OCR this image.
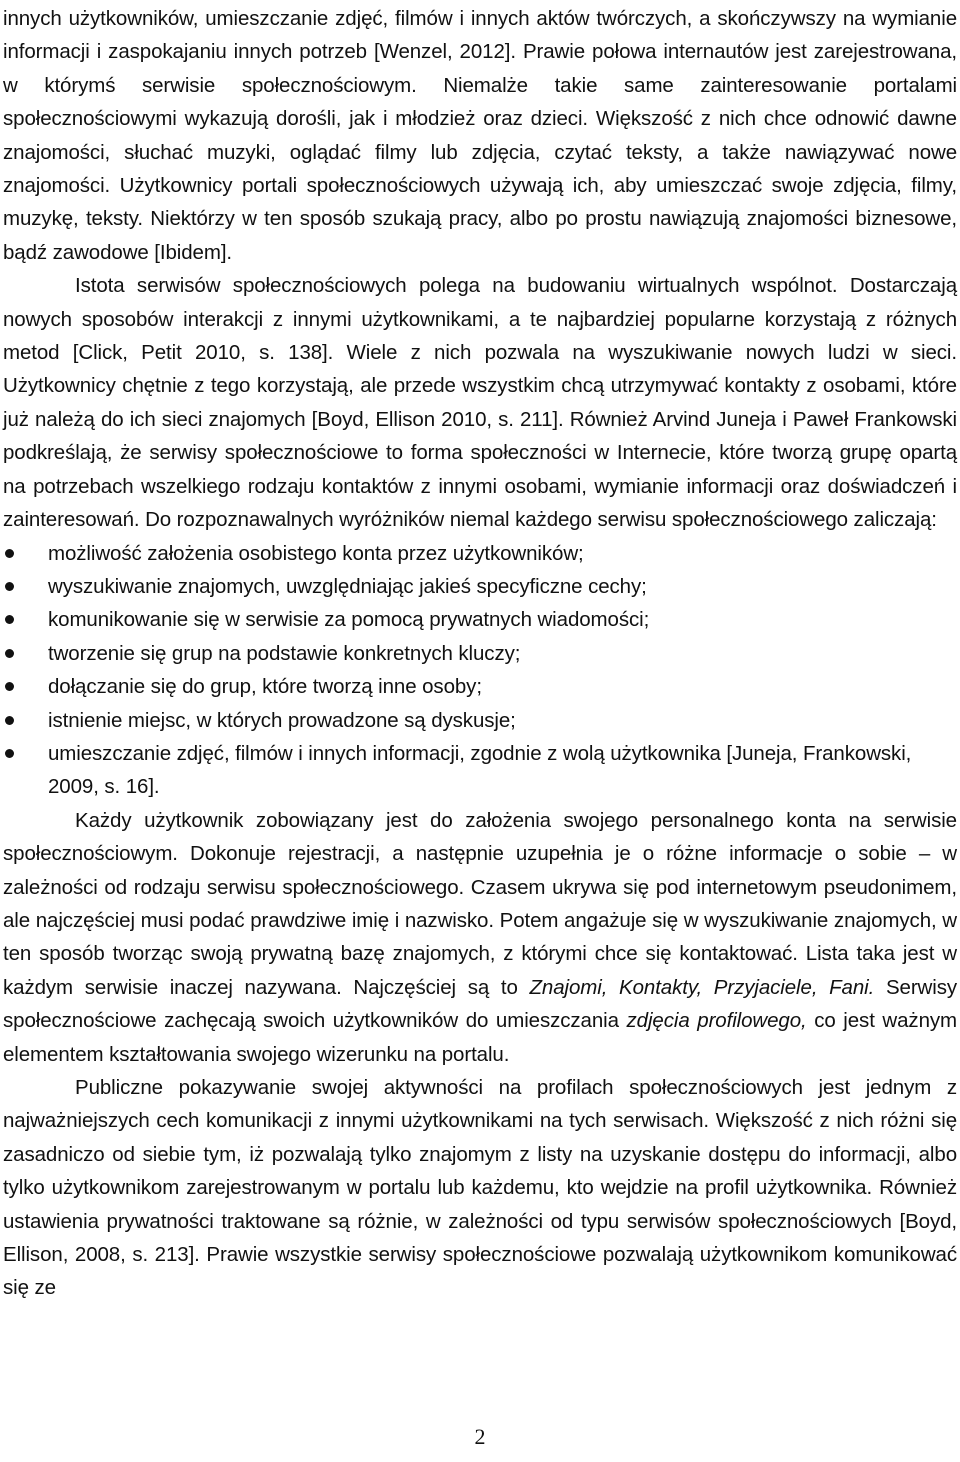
innych użytkowników, umieszczanie zdjęć, filmów i innych aktów twórczych, a skończywszy na wymianie informacji i zaspokajaniu innych potrzeb [Wenzel, 2012]. Prawie połowa internautów jest zarejestrowana, w którymś serwisie społecznościowym. Niemalże takie same zainteresowanie portalami społecznościowymi wykazują dorośli, jak i młodzież oraz dzieci. Większość z nich chce odnowić dawne znajomości, słuchać muzyki, oglądać filmy lub zdjęcia, czytać teksty, a także nawiązywać nowe znajomości. Użytkownicy portali społecznościowych używają ich, aby umieszczać swoje zdjęcia, filmy, muzykę, teksty. Niektórzy w ten sposób szukają pracy, albo po prostu nawiązują znajomości biznesowe, bądź zawodowe [Ibidem].

Istota serwisów społecznościowych polega na budowaniu wirtualnych wspólnot. Dostarczają nowych sposobów interakcji z innymi użytkownikami, a te najbardziej popularne korzystają z różnych metod [Click, Petit 2010, s. 138]. Wiele z nich pozwala na wyszukiwanie nowych ludzi w sieci. Użytkownicy chętnie z tego korzystają, ale przede wszystkim chcą utrzymywać kontakty z osobami, które już należą do ich sieci znajomych [Boyd, Ellison 2010, s. 211]. Również Arvind Juneja i Paweł Frankowski podkreślają, że serwisy społecznościowe to forma społeczności w Internecie, które tworzą grupę opartą na potrzebach wszelkiego rodzaju kontaktów z innymi osobami, wymianie informacji oraz doświadczeń i zainteresowań. Do rozpoznawalnych wyróżników niemal każdego serwisu społecznościowego zaliczają:

możliwość założenia osobistego konta przez użytkowników;
wyszukiwanie znajomych, uwzględniając jakieś specyficzne cechy;
komunikowanie się w serwisie za pomocą prywatnych wiadomości;
tworzenie się grup na podstawie konkretnych kluczy;
dołączanie się do grup, które tworzą inne osoby;
istnienie miejsc, w których prowadzone są dyskusje;
umieszczanie zdjęć, filmów i innych informacji, zgodnie z wolą użytkownika [Juneja, Frankowski, 2009, s. 16].

Każdy użytkownik zobowiązany jest do założenia swojego personalnego konta na serwisie społecznościowym. Dokonuje rejestracji, a następnie uzupełnia je o różne informacje o sobie – w zależności od rodzaju serwisu społecznościowego. Czasem ukrywa się pod internetowym pseudonimem, ale najczęściej musi podać prawdziwe imię i nazwisko. Potem angażuje się w wyszukiwanie znajomych, w ten sposób tworząc swoją prywatną bazę znajomych, z którymi chce się kontaktować. Lista taka jest w każdym serwisie inaczej nazywana. Najczęściej są to Znajomi, Kontakty, Przyjaciele, Fani. Serwisy społecznościowe zachęcają swoich użytkowników do umieszczania zdjęcia profilowego, co jest ważnym elementem kształtowania swojego wizerunku na portalu.

Publiczne pokazywanie swojej aktywności na profilach społecznościowych jest jednym z najważniejszych cech komunikacji z innymi użytkownikami na tych serwisach. Większość z nich różni się zasadniczo od siebie tym, iż pozwalają tylko znajomym z listy na uzyskanie dostępu do informacji, albo tylko użytkownikom zarejestrowanym w portalu lub każdemu, kto wejdzie na profil użytkownika. Również ustawienia prywatności traktowane są różnie, w zależności od typu serwisów społecznościowych [Boyd, Ellison, 2008, s. 213]. Prawie wszystkie serwisy społecznościowe pozwalają użytkownikom komunikować się ze

2
